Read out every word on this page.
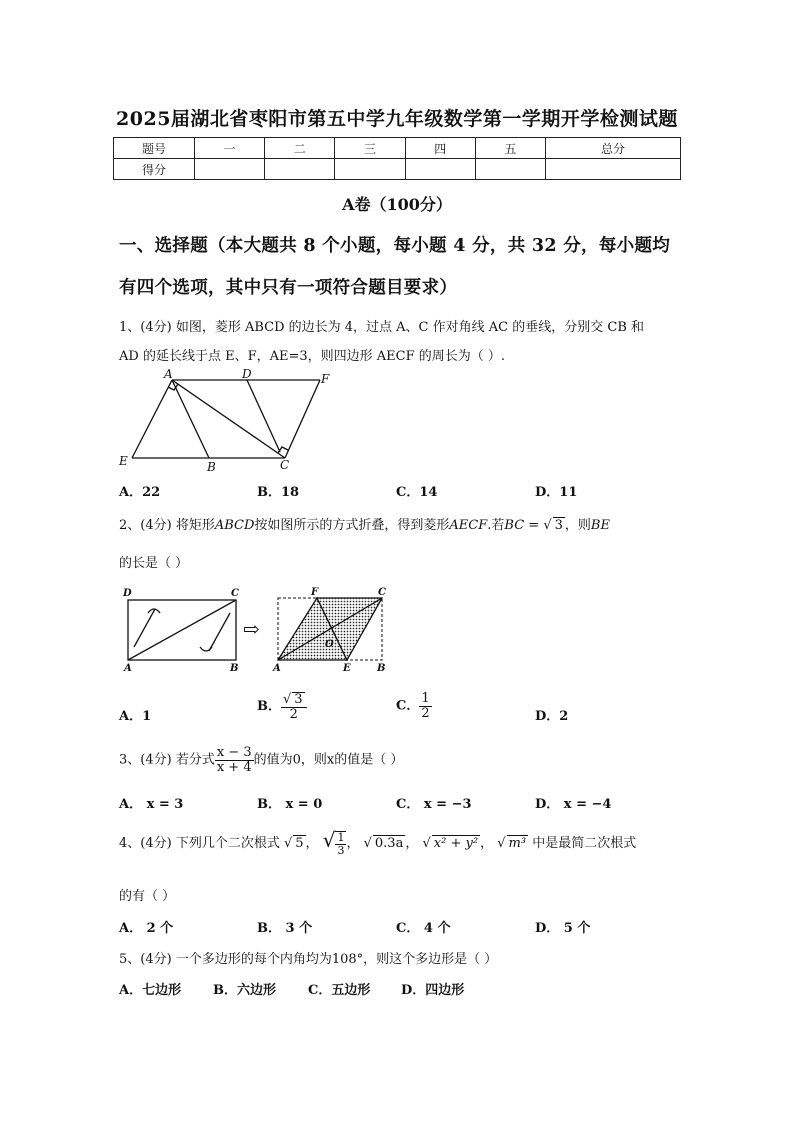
2025届湖北省枣阳市第五中学九年级数学第一学期开学检测试题
题号	一	二	三	四	五	总分
得分						
A卷（100分）
一、选择题（本大题共 8 个小题，每小题 4 分，共 32 分，每小题均
有四个选项，其中只有一项符合题目要求）
1、(4分) 如图，菱形 ABCD 的边长为 4，过点 A、C 作对角线 AC 的垂线，分别交 CB 和
AD 的延长线于点 E、F，AE=3，则四边形 AECF 的周长为（ ）.
A	D	F
E	B	C
A．22	B．18	C．14	D．11
2、(4分) 将矩形ABCD按如图所示的方式折叠，得到菱形AECF.若BC = √ 3 ，则BE
的长是（ ）
D	C
A	B
⇨
F	C
O
A	E	B
A．1
B． $\frac{√ 3}{2}$	C． $\frac{1}{2}$	D．2
3、(4分) 若分式 $\frac{x - 3}{x + 4}$ 的值为0，则x的值是（ ）
A． x = 3	B． x = 0	C． x = −3	D． x = −4
4、(4分) 下列几个二次根式 √ 5 ， √ $\frac{1}{3}$ ， √ 0.3a ， √ x² + y² ， √ m³ 中是最简二次根式
的有（ ）
A． 2 个	B． 3 个	C． 4 个	D． 5 个
5、(4分) 一个多边形的每个内角均为108°，则这个多边形是（ ）
A．七边形 B．六边形 C．五边形 D．四边形
